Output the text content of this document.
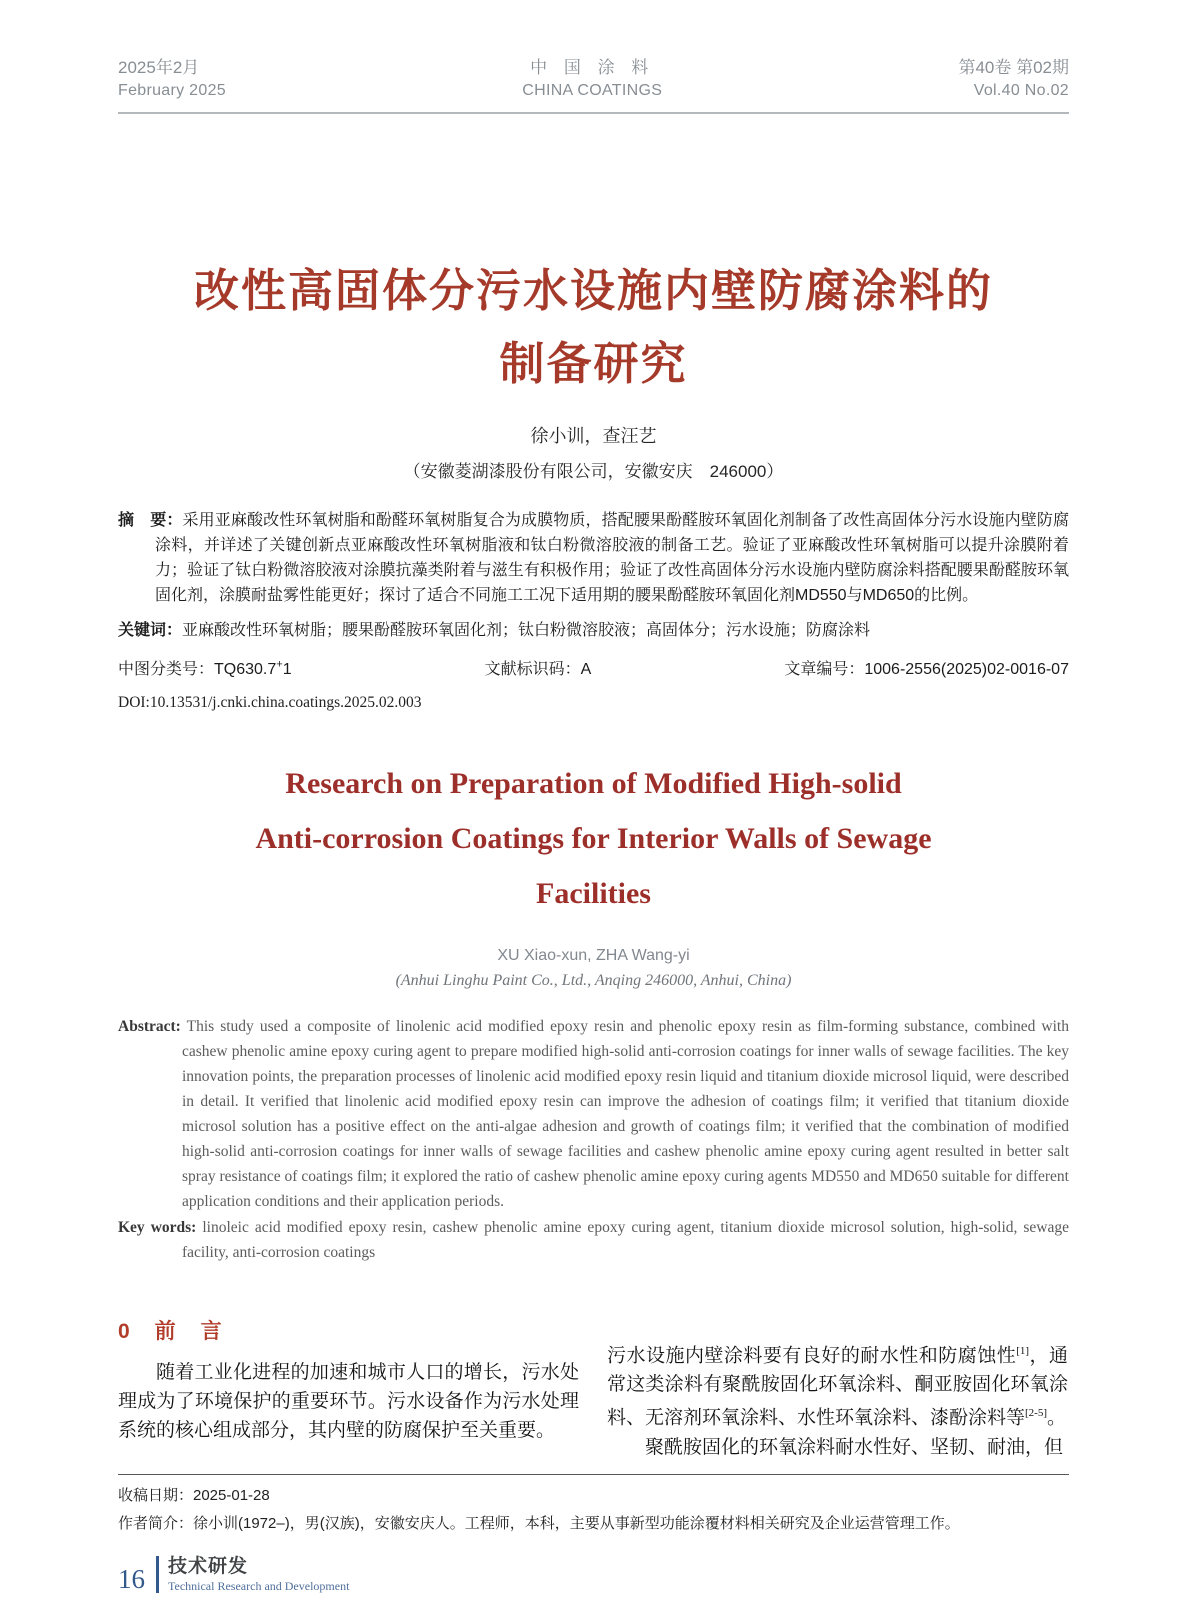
2025年2月
February 2025
中 国 涂 料
CHINA COATINGS
第40卷 第02期
Vol.40 No.02
改性高固体分污水设施内壁防腐涂料的
制备研究
徐小训，查汪艺
（安徽菱湖漆股份有限公司，安徽安庆　246000）

摘　要：采用亚麻酸改性环氧树脂和酚醛环氧树脂复合为成膜物质，搭配腰果酚醛胺环氧固化剂制备了改性高固体分污水设施内壁防腐涂料，并详述了关键创新点亚麻酸改性环氧树脂液和钛白粉微溶胶液的制备工艺。验证了亚麻酸改性环氧树脂可以提升涂膜附着力；验证了钛白粉微溶胶液对涂膜抗藻类附着与滋生有积极作用；验证了改性高固体分污水设施内壁防腐涂料搭配腰果酚醛胺环氧固化剂，涂膜耐盐雾性能更好；探讨了适合不同施工工况下适用期的腰果酚醛胺环氧固化剂MD550与MD650的比例。

关键词：亚麻酸改性环氧树脂；腰果酚醛胺环氧固化剂；钛白粉微溶胶液；高固体分；污水设施；防腐涂料

中图分类号：TQ630.7+1	文献标识码：A	文章编号：1006-2556(2025)02-0016-07
DOI:10.13531/j.cnki.china.coatings.2025.02.003
Research on Preparation of Modified High-solid
Anti-corrosion Coatings for Interior Walls of Sewage
Facilities
XU Xiao-xun, ZHA Wang-yi
(Anhui Linghu Paint Co., Ltd., Anqing 246000, Anhui, China)

Abstract: This study used a composite of linolenic acid modified epoxy resin and phenolic epoxy resin as film-forming substance, combined with cashew phenolic amine epoxy curing agent to prepare modified high-solid anti-corrosion coatings for inner walls of sewage facilities. The key innovation points, the preparation processes of linolenic acid modified epoxy resin liquid and titanium dioxide microsol liquid, were described in detail. It verified that linolenic acid modified epoxy resin can improve the adhesion of coatings film; it verified that titanium dioxide microsol solution has a positive effect on the anti-algae adhesion and growth of coatings film; it verified that the combination of modified high-solid anti-corrosion coatings for inner walls of sewage facilities and cashew phenolic amine epoxy curing agent resulted in better salt spray resistance of coatings film; it explored the ratio of cashew phenolic amine epoxy curing agents MD550 and MD650 suitable for different application conditions and their application periods.

Key words: linoleic acid modified epoxy resin, cashew phenolic amine epoxy curing agent, titanium dioxide microsol solution, high-solid, sewage facility, anti-corrosion coatings

0　前　言

随着工业化进程的加速和城市人口的增长，污水处理成为了环境保护的重要环节。污水设备作为污水处理系统的核心组成部分，其内壁的防腐保护至关重要。

污水设施内壁涂料要有良好的耐水性和防腐蚀性[1]，通常这类涂料有聚酰胺固化环氧涂料、酮亚胺固化环氧涂料、无溶剂环氧涂料、水性环氧涂料、漆酚涂料等[2-5]。

聚酰胺固化的环氧涂料耐水性好、坚韧、耐油，但

收稿日期：2025-01-28

作者简介：徐小训(1972–)，男(汉族)，安徽安庆人。工程师，本科，主要从事新型功能涂覆材料相关研究及企业运营管理工作。

16 技术研发
Technical Research and Development
